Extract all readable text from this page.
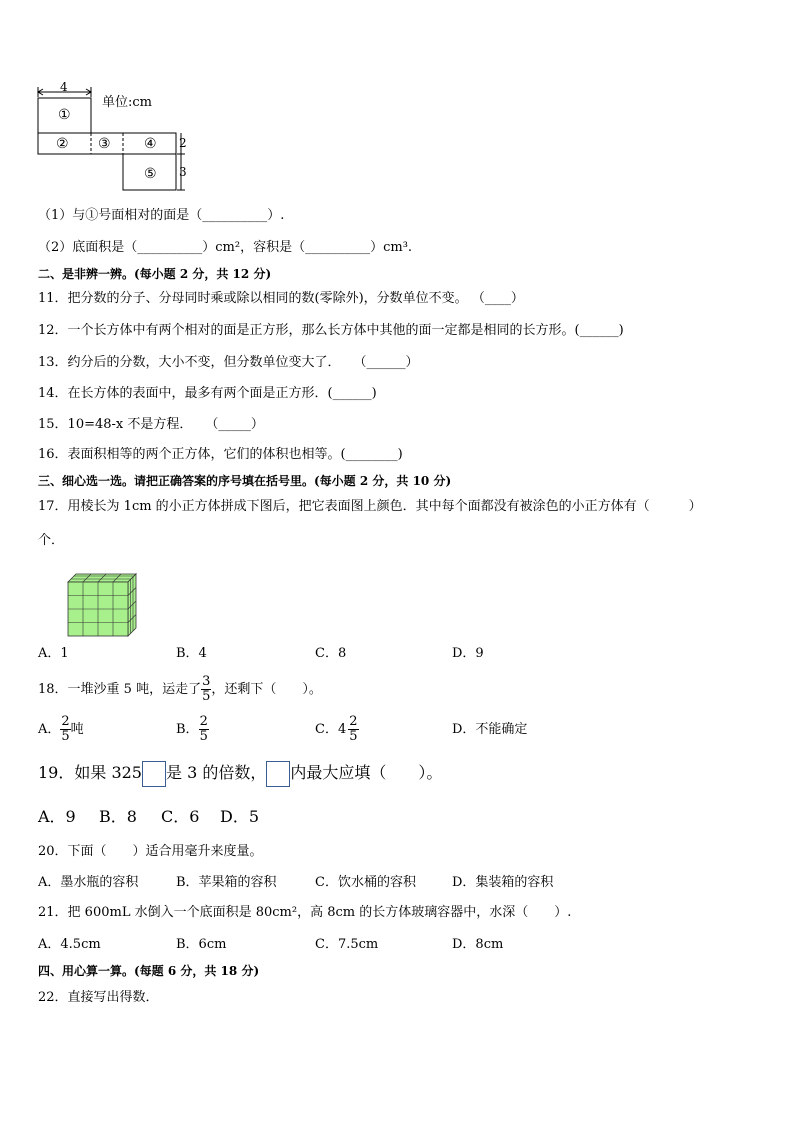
4
单位:cm
①
② ③ ④
⑤
2
3
（1）与①号面相对的面是（__________）.
（2）底面积是（__________）cm²，容积是（__________）cm³.
二、是非辨一辨。(每小题 2 分，共 12 分)
11．把分数的分子、分母同时乘或除以相同的数(零除外)，分数单位不变。 （____）
12．一个长方体中有两个相对的面是正方形，那么长方体中其他的面一定都是相同的长方形。(______)
13．约分后的分数，大小不变，但分数单位变大了．　　（______）
14．在长方体的表面中，最多有两个面是正方形．(______)
15．10=48-x 不是方程．　　（_____）
16．表面积相等的两个正方体，它们的体积也相等。(________)
三、细心选一选。请把正确答案的序号填在括号里。(每小题 2 分，共 10 分)
17．用棱长为 1cm 的小正方体拼成下图后，把它表面图上颜色．其中每个面都没有被涂色的小正方体有（　　　）
个．
A．1	B．4	C．8	D．9
18．一堆沙重 5 吨，运走了 $\frac{3}{5}$ ，还剩下（　　）。
A． $\frac{2}{5}$ 吨	B． $\frac{2}{5}$	C．$4 \frac{2}{5}$	D．不能确定
19．如果 325 是 3 的倍数， 内最大应填（　　）。
A．9 B．8 C．6 D．5
20．下面（　　）适合用毫升来度量。
A．墨水瓶的容积	B．苹果箱的容积	C．饮水桶的容积	D．集装箱的容积
21．把 600mL 水倒入一个底面积是 80cm²，高 8cm 的长方体玻璃容器中，水深（　　）.
A．4.5cm	B．6cm	C．7.5cm	D．8cm
四、用心算一算。(每题 6 分，共 18 分)
22．直接写出得数．
